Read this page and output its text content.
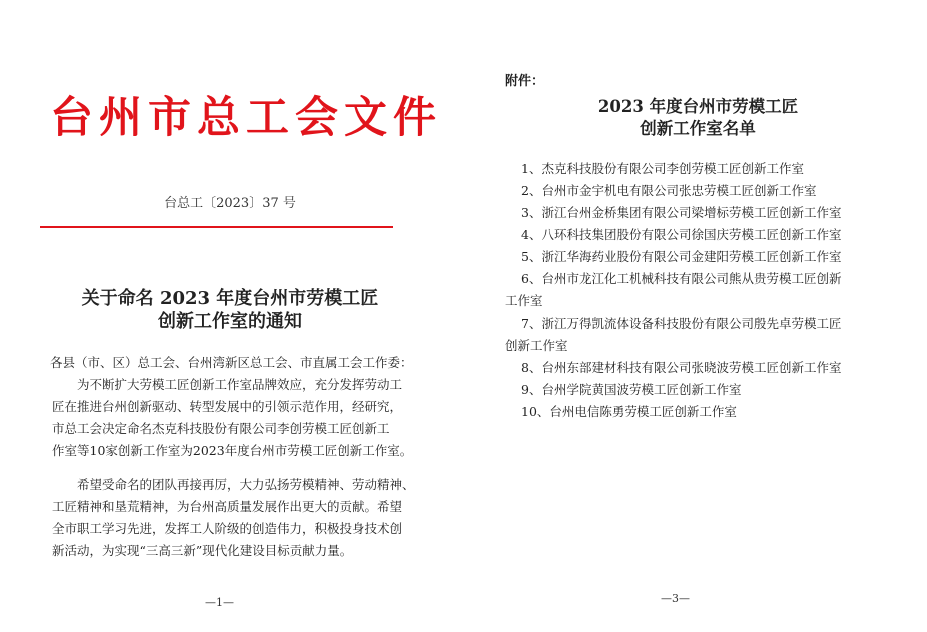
台州市总工会文件
台总工〔2023〕37 号
关于命名 2023 年度台州市劳模工匠
创新工作室的通知
各县（市、区）总工会、台州湾新区总工会、市直属工会工作委：
　　为不断扩大劳模工匠创新工作室品牌效应，充分发挥劳动工
匠在推进台州创新驱动、转型发展中的引领示范作用，经研究，
市总工会决定命名杰克科技股份有限公司李创劳模工匠创新工
作室等10家创新工作室为2023年度台州市劳模工匠创新工作室。
　　希望受命名的团队再接再厉，大力弘扬劳模精神、劳动精神、
工匠精神和垦荒精神，为台州高质量发展作出更大的贡献。希望
全市职工学习先进，发挥工人阶级的创造伟力，积极投身技术创
新活动，为实现“三高三新”现代化建设目标贡献力量。
—1—
附件：
2023 年度台州市劳模工匠
创新工作室名单
1、杰克科技股份有限公司李创劳模工匠创新工作室
2、台州市金宇机电有限公司张忠劳模工匠创新工作室
3、浙江台州金桥集团有限公司梁增标劳模工匠创新工作室
4、八环科技集团股份有限公司徐国庆劳模工匠创新工作室
5、浙江华海药业股份有限公司金建阳劳模工匠创新工作室
6、台州市龙江化工机械科技有限公司熊从贵劳模工匠创新
工作室
7、浙江万得凯流体设备科技股份有限公司殷先卓劳模工匠
创新工作室
8、台州东部建材科技有限公司张晓波劳模工匠创新工作室
9、台州学院黄国波劳模工匠创新工作室
10、台州电信陈勇劳模工匠创新工作室
—3—
